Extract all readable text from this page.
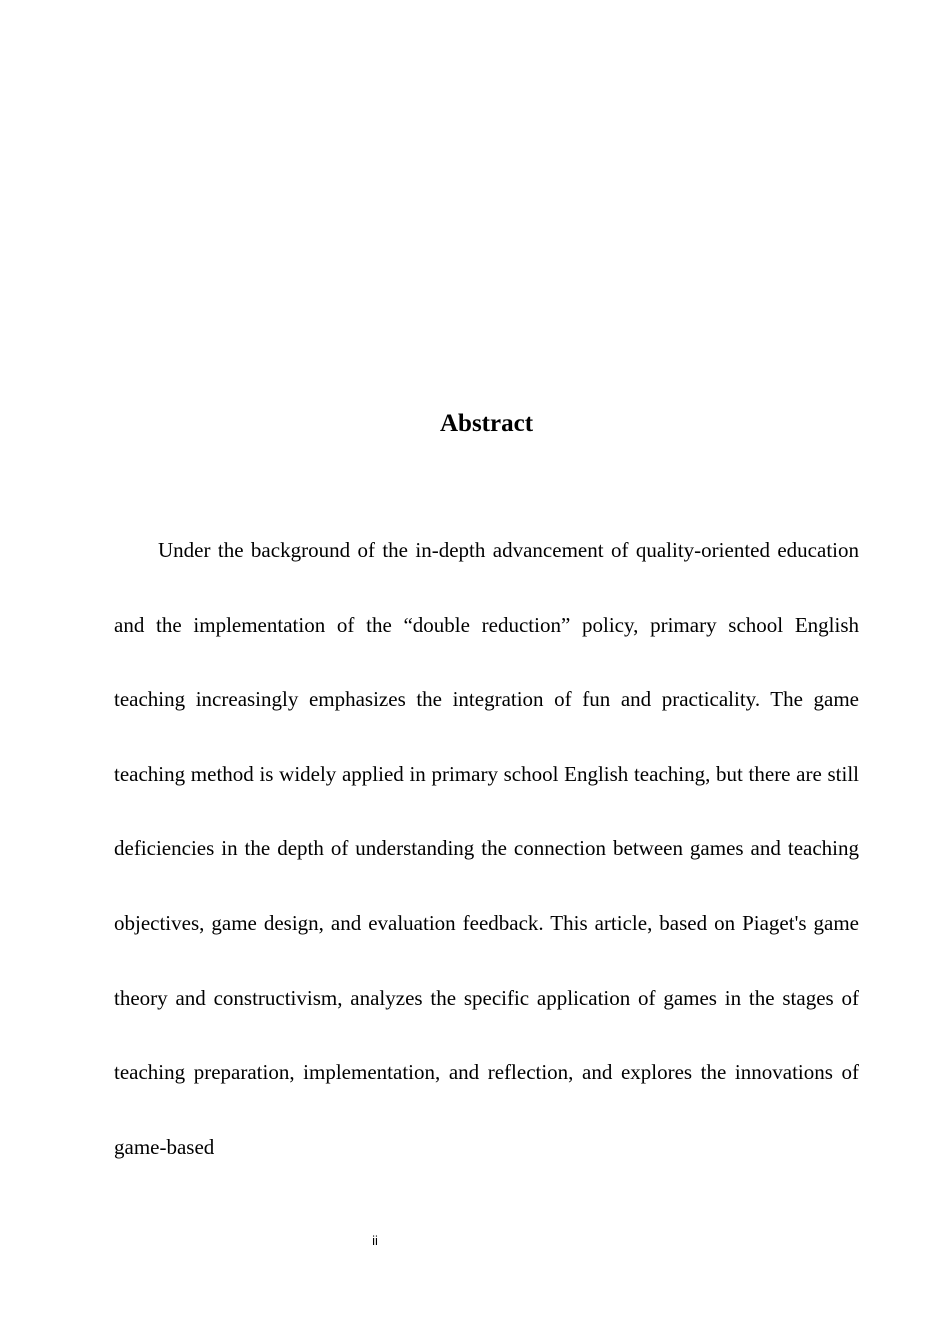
Abstract

Under the background of the in-depth advancement of quality-oriented education and the implementation of the “double reduction” policy, primary school English teaching increasingly emphasizes the integration of fun and practicality. The game teaching method is widely applied in primary school English teaching, but there are still deficiencies in the depth of understanding the connection between games and teaching objectives, game design, and evaluation feedback. This article, based on Piaget's game theory and constructivism, analyzes the specific application of games in the stages of teaching preparation, implementation, and reflection, and explores the innovations of game-based

ii
